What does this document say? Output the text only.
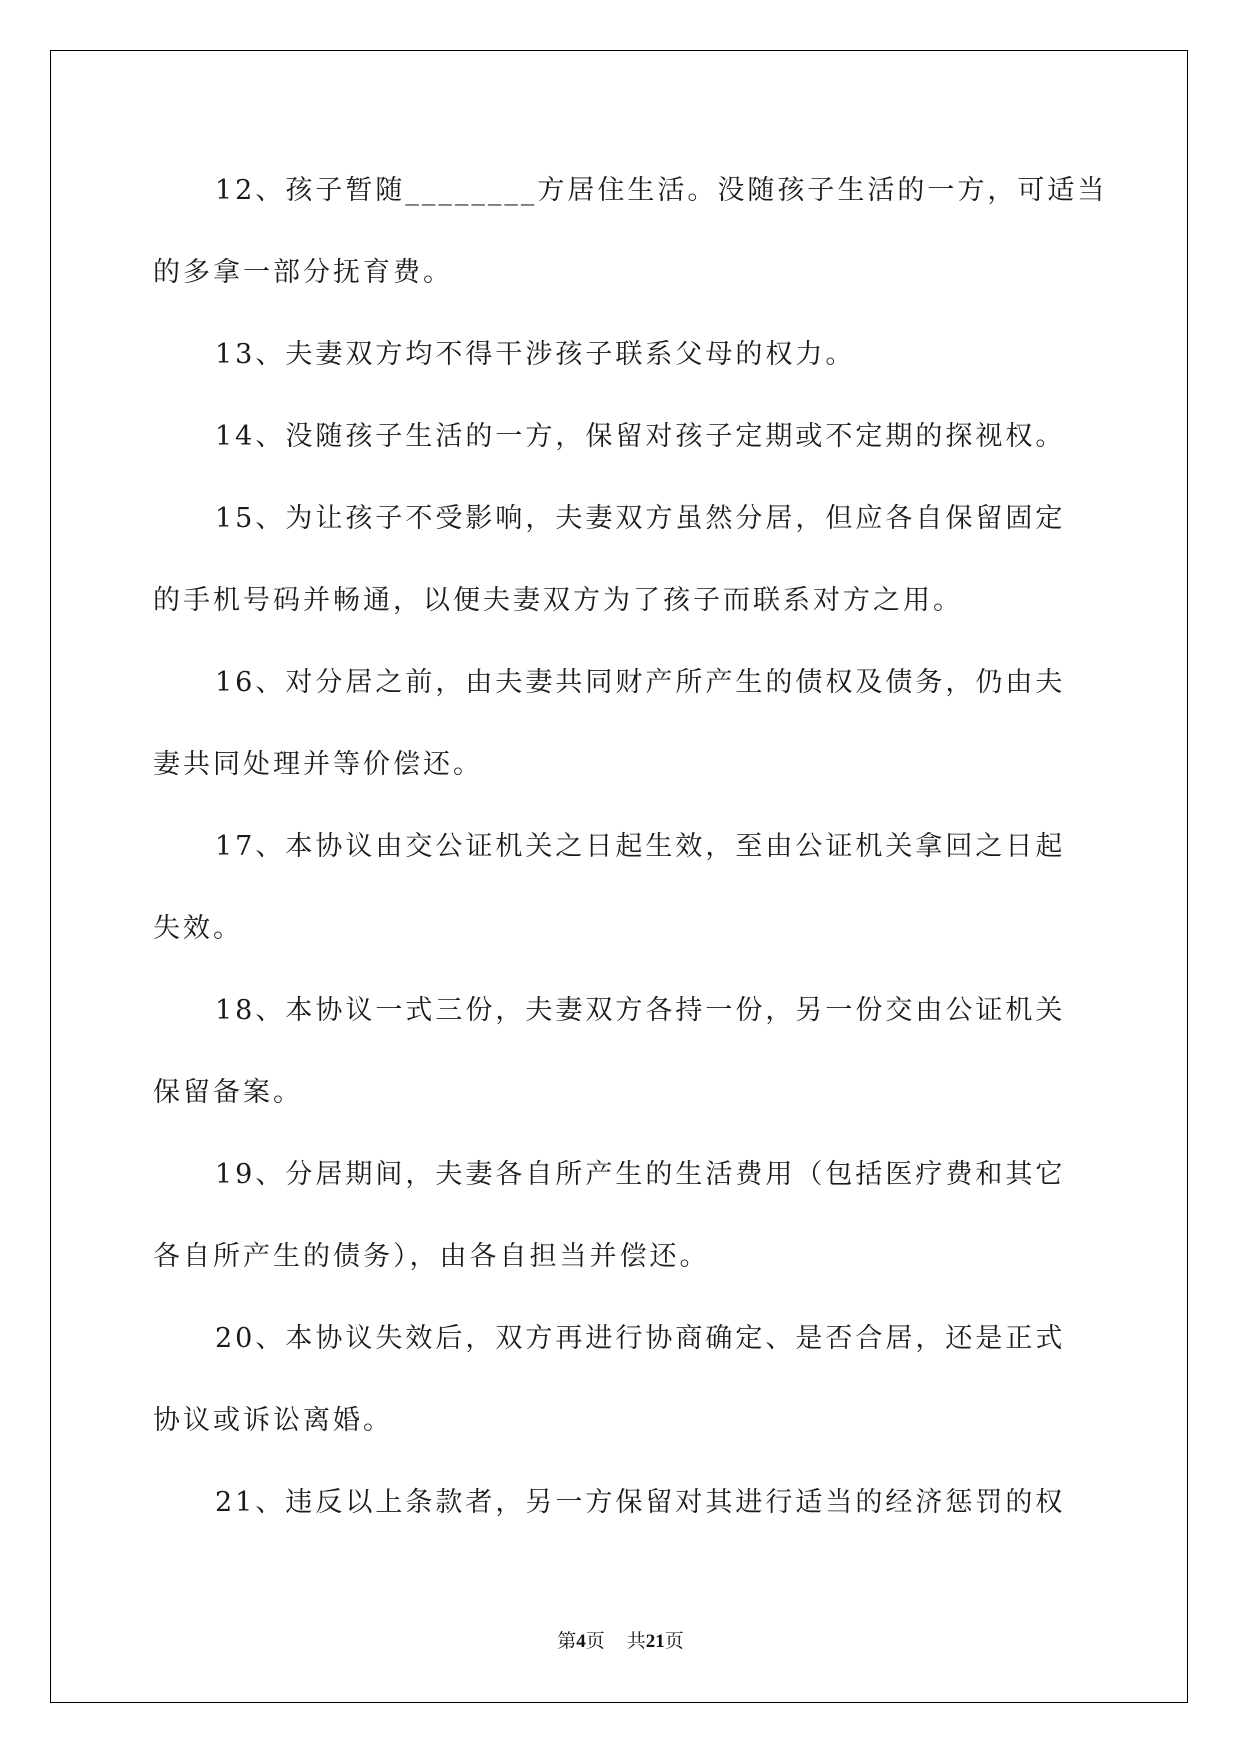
12、孩子暂随________方居住生活。没随孩子生活的一方，可适当
的多拿一部分抚育费。
13、夫妻双方均不得干涉孩子联系父母的权力。
14、没随孩子生活的一方，保留对孩子定期或不定期的探视权。
15、为让孩子不受影响，夫妻双方虽然分居，但应各自保留固定
的手机号码并畅通，以便夫妻双方为了孩子而联系对方之用。
16、对分居之前，由夫妻共同财产所产生的债权及债务，仍由夫
妻共同处理并等价偿还。
17、本协议由交公证机关之日起生效，至由公证机关拿回之日起
失效。
18、本协议一式三份，夫妻双方各持一份，另一份交由公证机关
保留备案。
19、分居期间，夫妻各自所产生的生活费用（包括医疗费和其它
各自所产生的债务），由各自担当并偿还。
20、本协议失效后，双方再进行协商确定、是否合居，还是正式
协议或诉讼离婚。
21、违反以上条款者，另一方保留对其进行适当的经济惩罚的权
第4页 共21页
